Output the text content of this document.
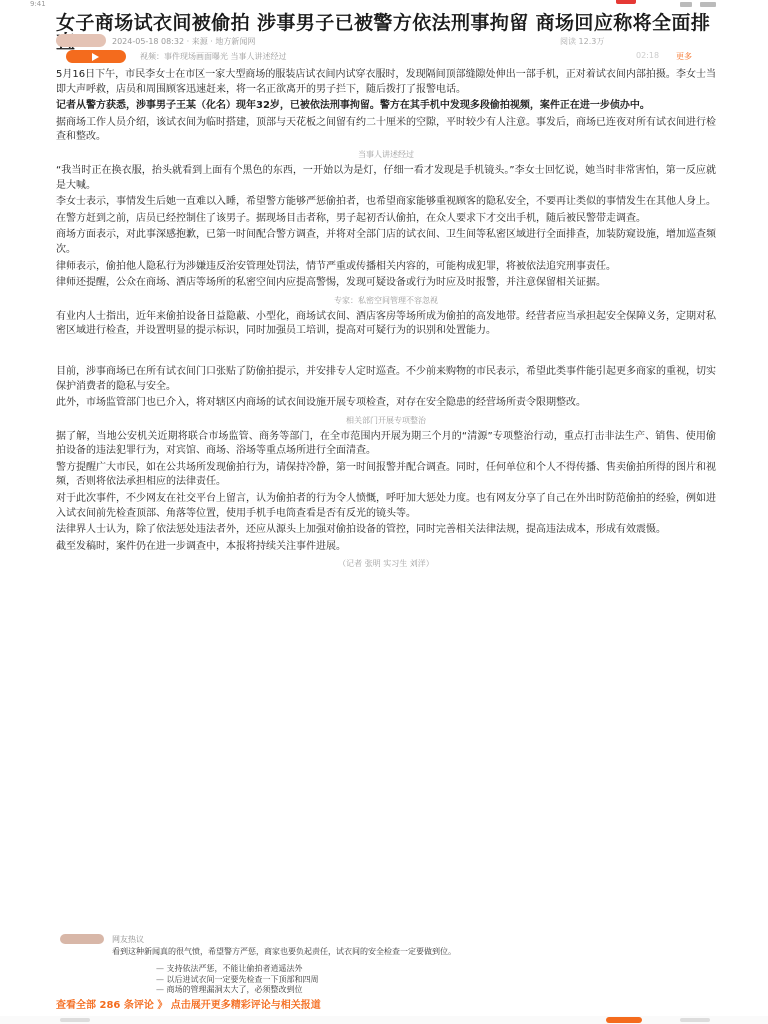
9:41
女子商场试衣间被偷拍 涉事男子已被警方依法刑事拘留 商场回应称将全面排
2024-05-18 08:32 · 来源 · 地方新闻网	阅读 12.3万
视频：事件现场画面曝光 当事人讲述经过	02:18 更多
5月16日下午，市民李女士在市区一家大型商场的服装店试衣间内试穿衣服时，发现隔间顶部缝隙处伸出一部手机，正对着试衣间内部拍摄。李女士当即大声呼救，店员和周围顾客迅速赶来，将一名正欲离开的男子拦下，随后拨打了报警电话。
记者从警方获悉，涉事男子王某（化名）现年32岁，已被依法刑事拘留。警方在其手机中发现多段偷拍视频，案件正在进一步侦办中。
据商场工作人员介绍，该试衣间为临时搭建，顶部与天花板之间留有约二十厘米的空隙，平时较少有人注意。事发后，商场已连夜对所有试衣间进行检查和整改。
当事人讲述经过
“我当时正在换衣服，抬头就看到上面有个黑色的东西，一开始以为是灯，仔细一看才发现是手机镜头。”李女士回忆说，她当时非常害怕，第一反应就是大喊。
李女士表示，事情发生后她一直难以入睡，希望警方能够严惩偷拍者，也希望商家能够重视顾客的隐私安全，不要再让类似的事情发生在其他人身上。
在警方赶到之前，店员已经控制住了该男子。据现场目击者称，男子起初否认偷拍，在众人要求下才交出手机，随后被民警带走调查。
商场方面表示，对此事深感抱歉，已第一时间配合警方调查，并将对全部门店的试衣间、卫生间等私密区域进行全面排查，加装防窥设施，增加巡查频次。
律师表示，偷拍他人隐私行为涉嫌违反治安管理处罚法，情节严重或传播相关内容的，可能构成犯罪，将被依法追究刑事责任。
律师还提醒，公众在商场、酒店等场所的私密空间内应提高警惕，发现可疑设备或行为时应及时报警，并注意保留相关证据。
专家：私密空间管理不容忽视
有业内人士指出，近年来偷拍设备日益隐蔽、小型化，商场试衣间、酒店客房等场所成为偷拍的高发地带。经营者应当承担起安全保障义务，定期对私密区域进行检查，并设置明显的提示标识，同时加强员工培训，提高对可疑行为的识别和处置能力。
目前，涉事商场已在所有试衣间门口张贴了防偷拍提示，并安排专人定时巡查。不少前来购物的市民表示，希望此类事件能引起更多商家的重视，切实保护消费者的隐私与安全。
此外，市场监管部门也已介入，将对辖区内商场的试衣间设施开展专项检查，对存在安全隐患的经营场所责令限期整改。
相关部门开展专项整治
据了解，当地公安机关近期将联合市场监管、商务等部门，在全市范围内开展为期三个月的“清源”专项整治行动，重点打击非法生产、销售、使用偷拍设备的违法犯罪行为，对宾馆、商场、浴场等重点场所进行全面清查。
警方提醒广大市民，如在公共场所发现偷拍行为，请保持冷静，第一时间报警并配合调查。同时，任何单位和个人不得传播、售卖偷拍所得的图片和视频，否则将依法承担相应的法律责任。
对于此次事件，不少网友在社交平台上留言，认为偷拍者的行为令人愤慨，呼吁加大惩处力度。也有网友分享了自己在外出时防范偷拍的经验，例如进入试衣间前先检查顶部、角落等位置，使用手机手电筒查看是否有反光的镜头等。
法律界人士认为，除了依法惩处违法者外，还应从源头上加强对偷拍设备的管控，同时完善相关法律法规，提高违法成本，形成有效震慑。
截至发稿时，案件仍在进一步调查中，本报将持续关注事件进展。
（记者 张明 实习生 刘洋）
网友热议
看到这种新闻真的很气愤，希望警方严惩，商家也要负起责任，试衣间的安全检查一定要做到位。
— 支持依法严惩，不能让偷拍者逍遥法外
— 以后进试衣间一定要先检查一下顶部和四周
— 商场的管理漏洞太大了，必须整改到位
查看全部 286 条评论 》 点击展开更多精彩评论与相关报道
